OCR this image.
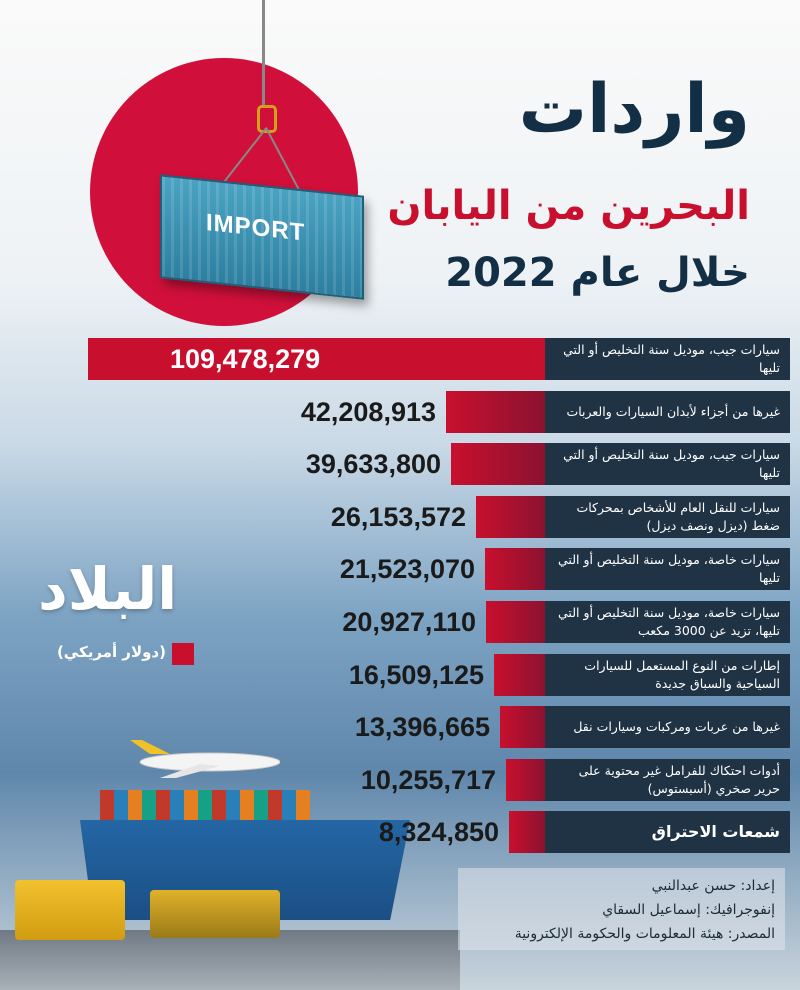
IMPORT
واردات
البحرين من اليابان
خلال عام 2022
البلاد
(دولار أمريكي)
109,478,279	سيارات جيب، موديل سنة التخليص أو التي تليها
42,208,913	غيرها من أجزاء لأبدان السيارات والعربات
39,633,800	سيارات جيب، موديل سنة التخليص أو التي تليها
26,153,572	سيارات للنقل العام للأشخاص بمحركات ضغط (ديزل ونصف ديزل)
21,523,070	سيارات خاصة، موديل سنة التخليص أو التي تليها
20,927,110	سيارات خاصة، موديل سنة التخليص أو التي تليها، تزيد عن 3000 مكعب
16,509,125	إطارات من النوع المستعمل للسيارات السياحية والسباق جديدة
13,396,665	غيرها من عربات ومركبات وسيارات نقل
10,255,717	أدوات احتكاك للفرامل غير محتوية على حرير صخري (أسبستوس)
8,324,850	شمعات الاحتراق
إعداد: حسن عبدالنبي
إنفوجرافيك: إسماعيل السقاي
المصدر: هيئة المعلومات والحكومة الإلكترونية
